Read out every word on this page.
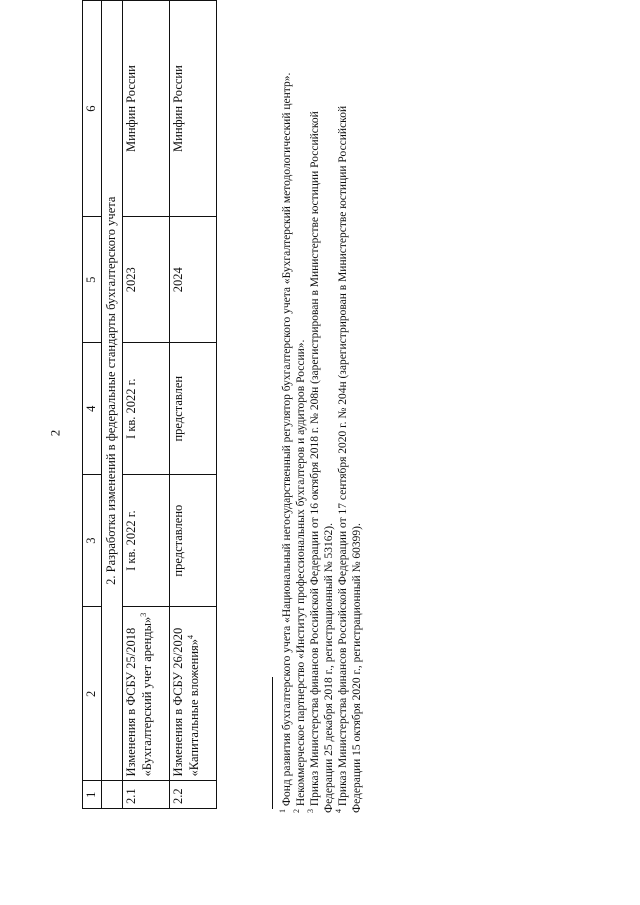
2
1	2	3	4	5	6
	2. Разработка изменений в федеральные стандарты бухгалтерского учета				
2.1	Изменения в ФСБУ 25/2018 «Бухгалтерский учет аренды»$^3$	I кв. 2022 г.	I кв. 2022 г.	2023	Минфин России
2.2	Изменения в ФСБУ 26/2020 «Капитальные вложения»$^4$	представлено	представлен	2024	Минфин России

$^1$ Фонд развития бухгалтерского учета «Национальный негосударственный регулятор бухгалтерского учета «Бухгалтерский методологический центр».

$^2$ Некоммерческое партнерство «Институт профессиональных бухгалтеров и аудиторов России».

$^3$ Приказ Министерства финансов Российской Федерации от 16 октября 2018 г. № 208н (зарегистрирован в Министерстве юстиции Российской Федерации 25 декабря 2018 г., регистрационный № 53162). $^4$ Приказ Министерства финансов Российской Федерации от 17 сентября 2020 г. № 204н (зарегистрирован в Министерстве юстиции Российской Федерации 15 октября 2020 г., регистрационный № 60399).
